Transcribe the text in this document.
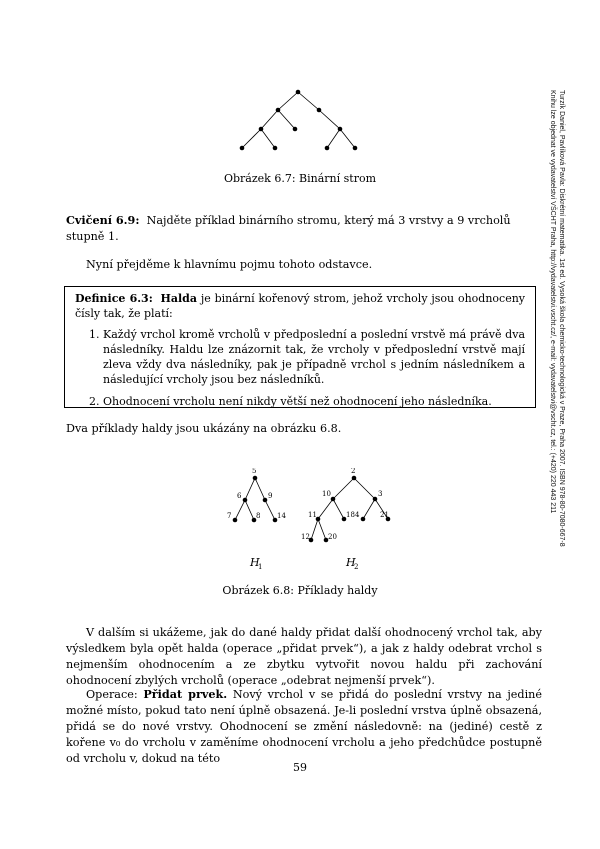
Obrázek 6.7: Binární strom
Cvičení 6.9: Najděte příklad binárního stromu, který má 3 vrstvy a 9 vrcholů stupně 1.
Nyní přejděme k hlavnímu pojmu tohoto odstavce.
Definice 6.3: Halda je binární kořenový strom, jehož vrcholy jsou ohodnoceny čísly tak, že platí:
1. Každý vrchol kromě vrcholů v předposlední a poslední vrstvě má právě dva následníky. Haldu lze znázornit tak, že vrcholy v předposlední vrstvě mají zleva vždy dva následníky, pak je případně vrchol s jedním následníkem a následující vrcholy jsou bez následníků.
2. Ohodnocení vrcholu není nikdy větší než ohodnocení jeho následníka.
Dva příklady haldy jsou ukázány na obrázku 6.8.
5
6	9
7	8 14
2
10	3
11	18 4	21
12	20
H
1	H
2
Obrázek 6.8: Příklady haldy
V dalším si ukážeme, jak do dané haldy přidat další ohodnocený vrchol tak, aby výsledkem byla opět halda (operace „přidat prvek“), a jak z haldy odebrat vrchol s nejmenším ohodnocením a ze zbytku vytvořit novou haldu při zachování ohodnocení zbylých vrcholů (operace „odebrat nejmenší prvek“).
Operace: Přidat prvek. Nový vrchol v se přidá do poslední vrstvy na jediné možné místo, pokud tato není úplně obsazená. Je-li poslední vrstva úplně obsazená, přidá se do nové vrstvy. Ohodnocení se změní následovně: na (jediné) cestě z kořene v₀ do vrcholu v zaměníme ohodnocení vrcholu a jeho předchůdce postupně od vrcholu v, dokud na této
59
Turzík Daniel, Pavlíková Pavla: Diskrétní matematika. 1st ed. Vysoká škola chemicko-technologická v Praze, Praha 2007. ISBN 978-80-7080-667-8
Knihu lze objednat ve vydavatelství VŠCHT Praha, http://vydavatelstvi.vscht.cz/, e-mail: vydavatelstvi@vscht.cz, tel.: (+420) 220 443 211
